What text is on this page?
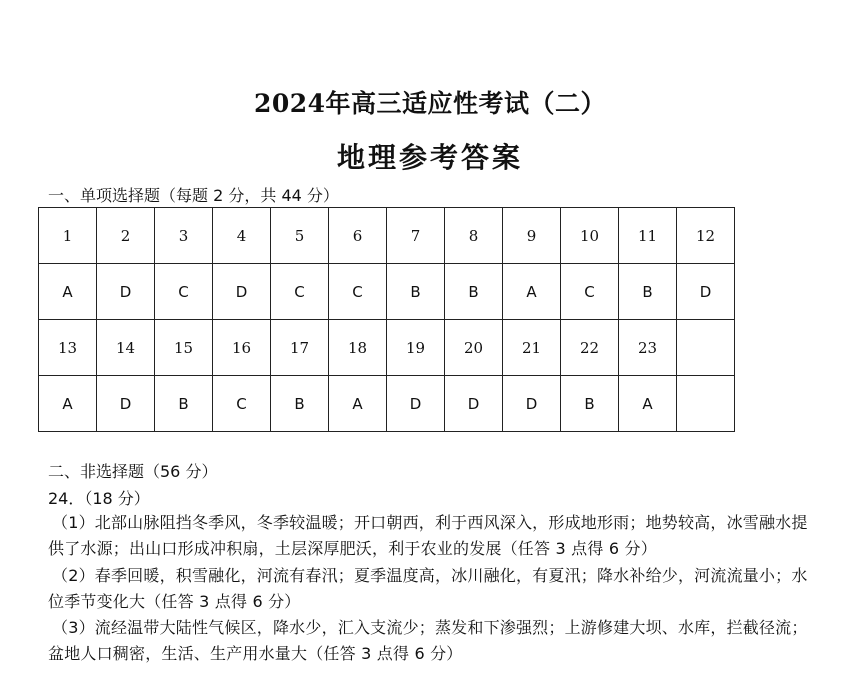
2024年高三适应性考试（二）
地理参考答案
一、单项选择题（每题 2 分，共 44 分）
1	2	3	4	5	6	7	8	9	10	11	12
A	D	C	D	C	C	B	B	A	C	B	D
13	14	15	16	17	18	19	20	21	22	23	
A	D	B	C	B	A	D	D	D	B	A	
二、非选择题（56 分）
24．（18 分）
（1）北部山脉阻挡冬季风，冬季较温暖；开口朝西，利于西风深入，形成地形雨；地势较高，冰雪融水提供了水源；出山口形成冲积扇，土层深厚肥沃，利于农业的发展（任答 3 点得 6 分）
（2）春季回暖，积雪融化，河流有春汛；夏季温度高，冰川融化，有夏汛；降水补给少，河流流量小；水位季节变化大（任答 3 点得 6 分）
（3）流经温带大陆性气候区，降水少，汇入支流少；蒸发和下渗强烈；上游修建大坝、水库，拦截径流；盆地人口稠密，生活、生产用水量大（任答 3 点得 6 分）
